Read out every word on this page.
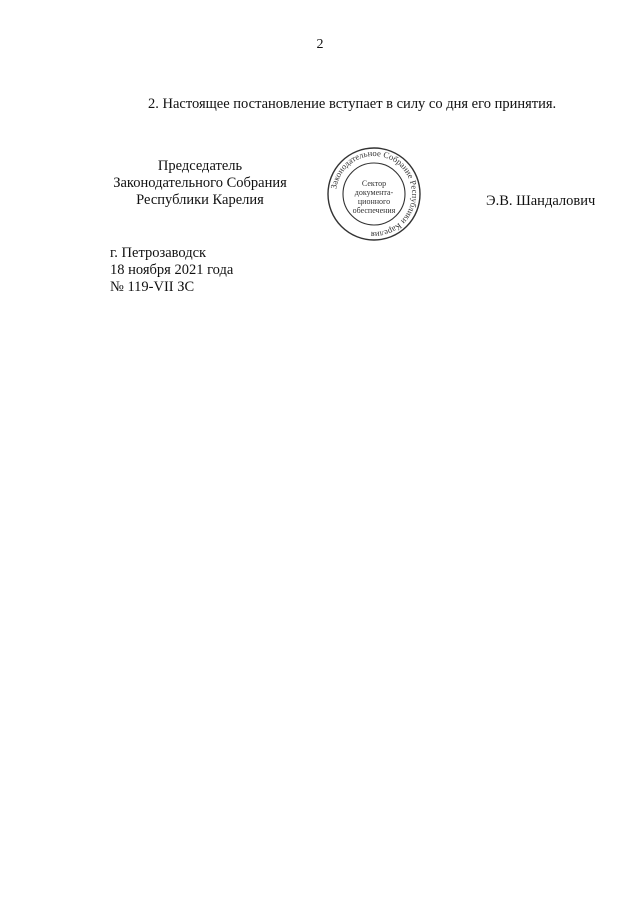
2
2. Настоящее постановление вступает в силу со дня его принятия.
Председатель
Законодательного Собрания
Республики Карелия
Законодательное Собрание Республики Карелия
Сектор
документа-
ционного
обеспечения
Э.В. Шандалович
г. Петрозаводск
18 ноября 2021 года
№ 119-VII ЗС
